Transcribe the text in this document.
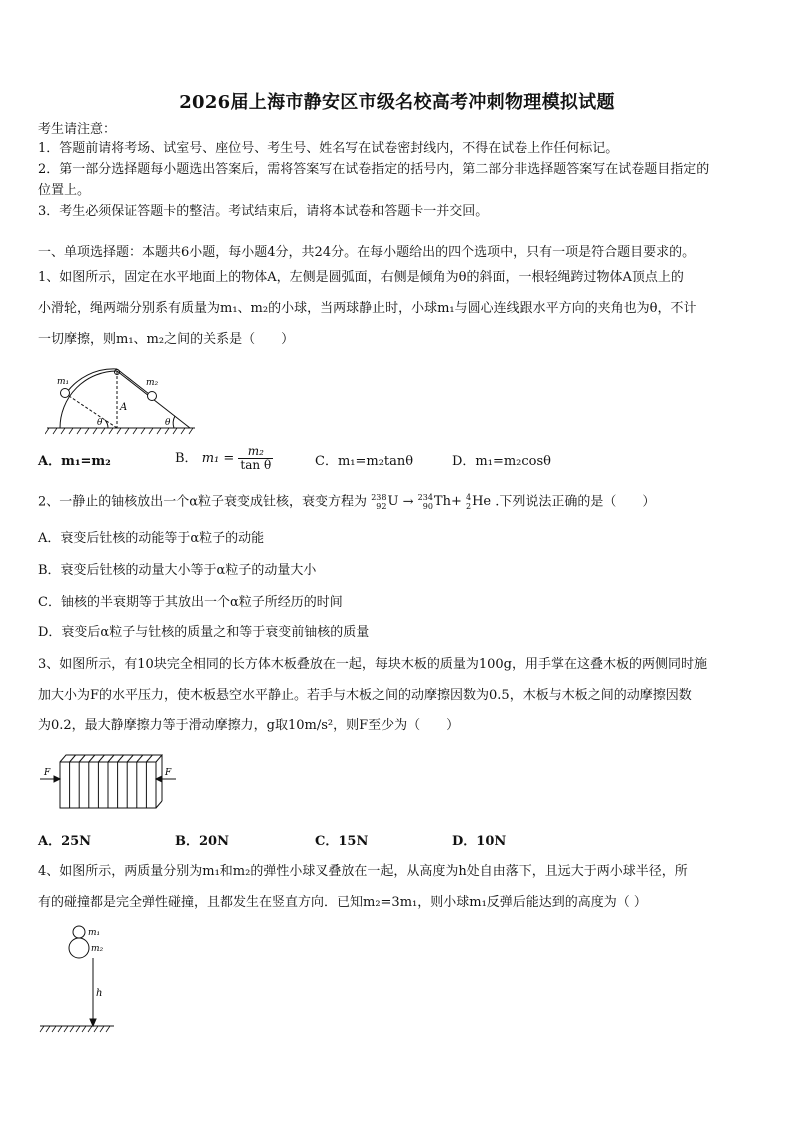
2026届上海市静安区市级名校高考冲刺物理模拟试题
考生请注意：
1．答题前请将考场、试室号、座位号、考生号、姓名写在试卷密封线内，不得在试卷上作任何标记。
2．第一部分选择题每小题选出答案后，需将答案写在试卷指定的括号内，第二部分非选择题答案写在试卷题目指定的
位置上。
3．考生必须保证答题卡的整洁。考试结束后，请将本试卷和答题卡一并交回。
一、单项选择题：本题共6小题，每小题4分，共24分。在每小题给出的四个选项中，只有一项是符合题目要求的。
1、如图所示，固定在水平地面上的物体A，左侧是圆弧面，右侧是倾角为θ的斜面，一根轻绳跨过物体A顶点上的
小滑轮，绳两端分别系有质量为m₁、m₂的小球，当两球静止时，小球m₁与圆心连线跟水平方向的夹角也为θ，不计
一切摩擦，则m₁、m₂之间的关系是（　　）
m₁	m₂
A
θ	θ
A．m₁=m₂	B． $m_1 = \frac{\text{m₂}}{\text{tan θ}}$	C．m₁=m₂tanθ	D．m₁=m₂cosθ
2、一静止的铀核放出一个α粒子衰变成钍核，衰变方程为 238
92 U → 234
90 Th+ 4
2 He .下列说法正确的是（　　）
A．衰变后钍核的动能等于α粒子的动能
B．衰变后钍核的动量大小等于α粒子的动量大小
C．铀核的半衰期等于其放出一个α粒子所经历的时间
D．衰变后α粒子与钍核的质量之和等于衰变前铀核的质量
3、如图所示，有10块完全相同的长方体木板叠放在一起，每块木板的质量为100g，用手掌在这叠木板的两侧同时施
加大小为F的水平压力，使木板悬空水平静止。若手与木板之间的动摩擦因数为0.5，木板与木板之间的动摩擦因数
为0.2，最大静摩擦力等于滑动摩擦力，g取10m/s²，则F至少为（　　）
F	F
A．25N	B．20N	C．15N	D．10N
4、如图所示，两质量分别为m₁和m₂的弹性小球叉叠放在一起，从高度为h处自由落下，且远大于两小球半径，所
有的碰撞都是完全弹性碰撞，且都发生在竖直方向．已知m₂=3m₁，则小球m₁反弹后能达到的高度为（ ）
m₁
m₂
h
